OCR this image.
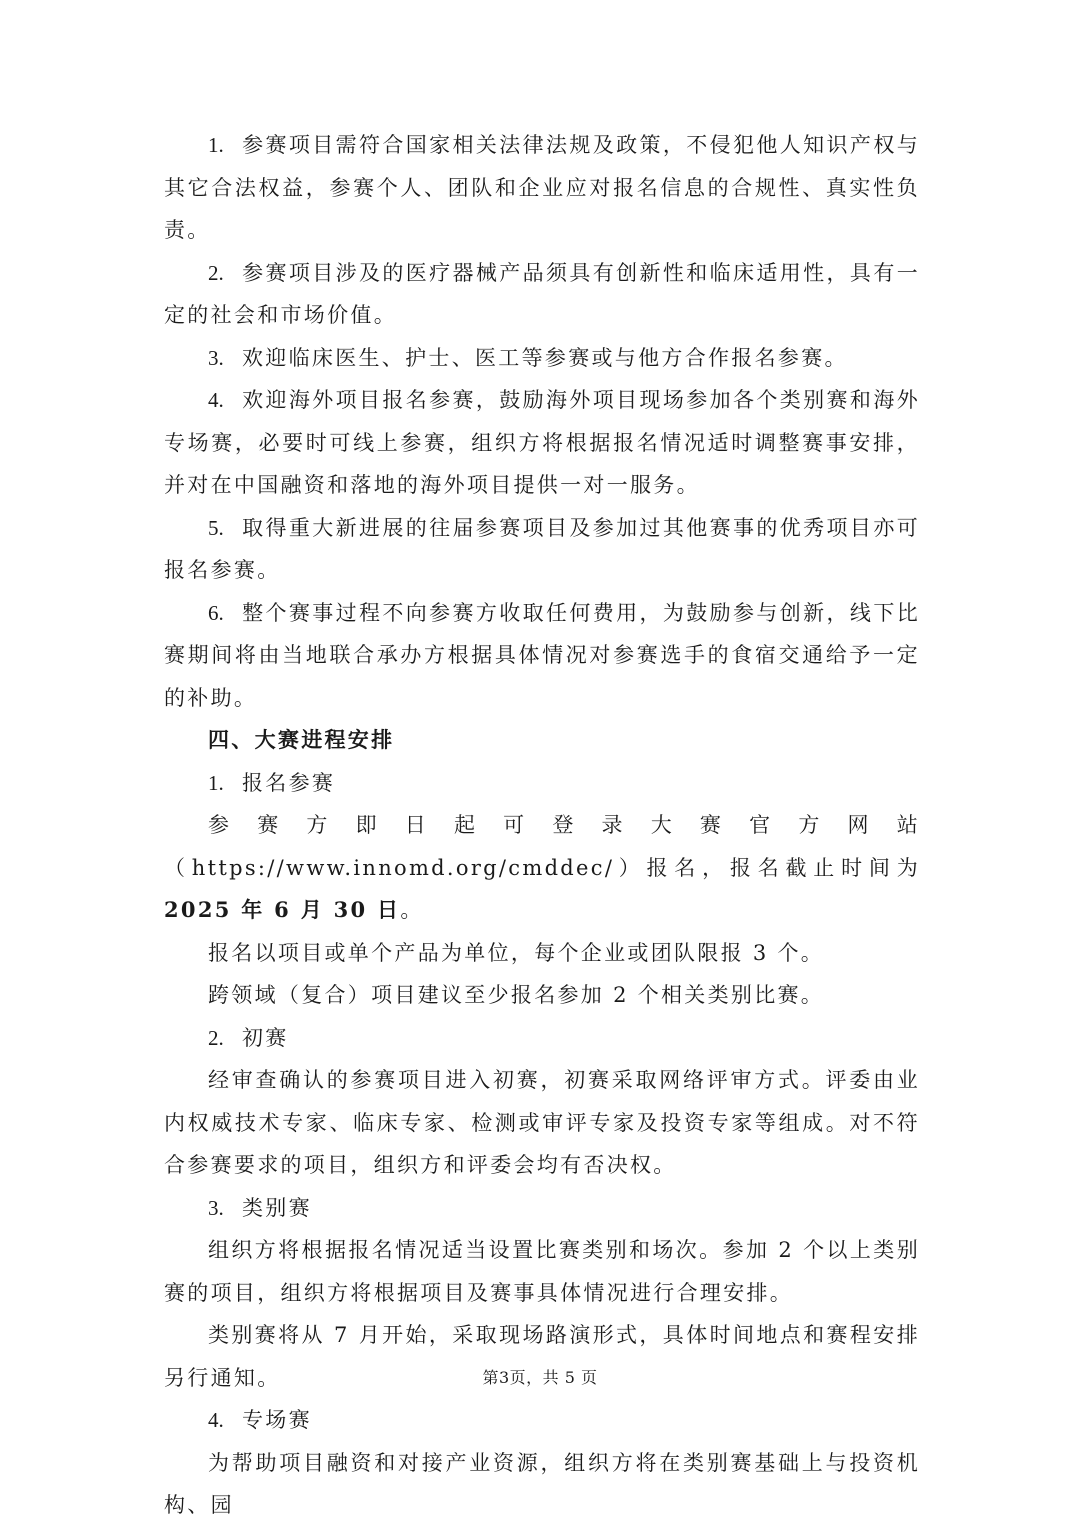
1. 参赛项目需符合国家相关法律法规及政策，不侵犯他人知识产权与其它合法权益，参赛个人、团队和企业应对报名信息的合规性、真实性负责。

2. 参赛项目涉及的医疗器械产品须具有创新性和临床适用性，具有一定的社会和市场价值。

3. 欢迎临床医生、护士、医工等参赛或与他方合作报名参赛。

4. 欢迎海外项目报名参赛，鼓励海外项目现场参加各个类别赛和海外专场赛，必要时可线上参赛，组织方将根据报名情况适时调整赛事安排，并对在中国融资和落地的海外项目提供一对一服务。

5. 取得重大新进展的往届参赛项目及参加过其他赛事的优秀项目亦可报名参赛。

6. 整个赛事过程不向参赛方收取任何费用，为鼓励参与创新，线下比赛期间将由当地联合承办方根据具体情况对参赛选手的食宿交通给予一定的补助。

四、大赛进程安排

1. 报名参赛

参赛方即日起可登录大赛官方网站（https://www.innomd.org/cmddec/）报名，报名截止时间为2025 年 6 月 30 日。

报名以项目或单个产品为单位，每个企业或团队限报 3 个。

跨领域（复合）项目建议至少报名参加 2 个相关类别比赛。

2. 初赛

经审查确认的参赛项目进入初赛，初赛采取网络评审方式。评委由业内权威技术专家、临床专家、检测或审评专家及投资专家等组成。对不符合参赛要求的项目，组织方和评委会均有否决权。

3. 类别赛

组织方将根据报名情况适当设置比赛类别和场次。参加 2 个以上类别赛的项目，组织方将根据项目及赛事具体情况进行合理安排。

类别赛将从 7 月开始，采取现场路演形式，具体时间地点和赛程安排另行通知。

4. 专场赛

为帮助项目融资和对接产业资源，组织方将在类别赛基础上与投资机构、园

第3页，共 5 页
